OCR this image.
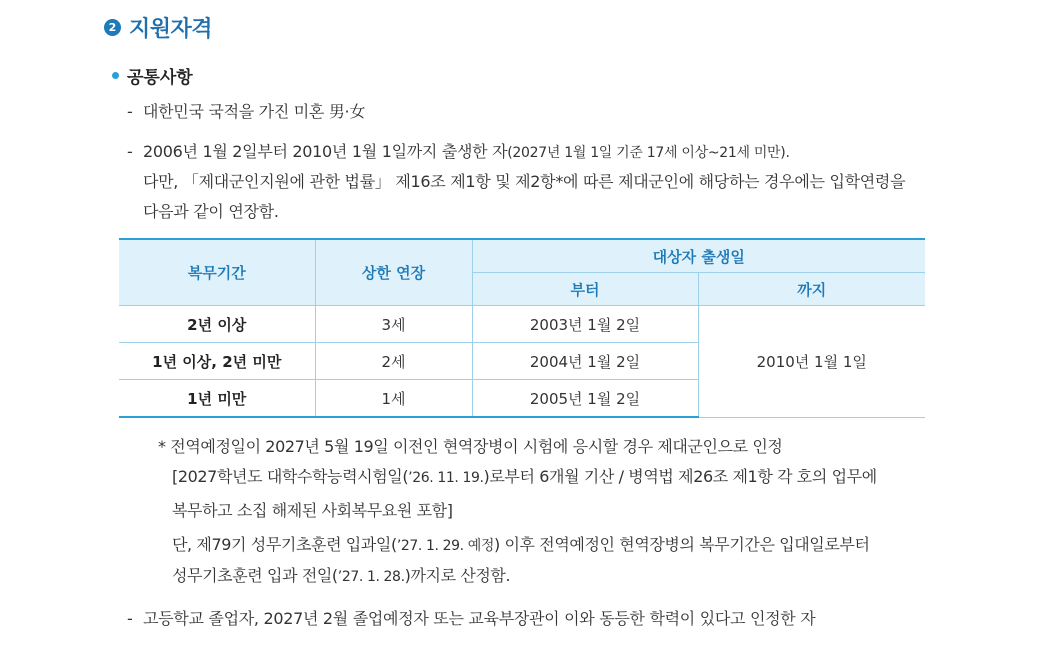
2 지원자격
공통사항
- 대한민국 국적을 가진 미혼 男·女
- 2006년 1월 2일부터 2010년 1월 1일까지 출생한 자(2027년 1월 1일 기준 17세 이상~21세 미만).
다만, 「제대군인지원에 관한 법률」 제16조 제1항 및 제2항*에 따른 제대군인에 해당하는 경우에는 입학연령을
다음과 같이 연장함.
복무기간	상한 연장	대상자 출생일	
		부터	까지
2년 이상	3세	2003년 1월 2일	2010년 1월 1일
1년 이상, 2년 미만	2세	2004년 1월 2일	
1년 미만	1세	2005년 1월 2일	
* 전역예정일이 2027년 5월 19일 이전인 현역장병이 시험에 응시할 경우 제대군인으로 인정
[2027학년도 대학수학능력시험일(’26. 11. 19.)로부터 6개월 기산 / 병역법 제26조 제1항 각 호의 업무에
복무하고 소집 해제된 사회복무요원 포함]
단, 제79기 성무기초훈련 입과일(’27. 1. 29. 예정) 이후 전역예정인 현역장병의 복무기간은 입대일로부터
성무기초훈련 입과 전일(’27. 1. 28.)까지로 산정함.
- 고등학교 졸업자, 2027년 2월 졸업예정자 또는 교육부장관이 이와 동등한 학력이 있다고 인정한 자
